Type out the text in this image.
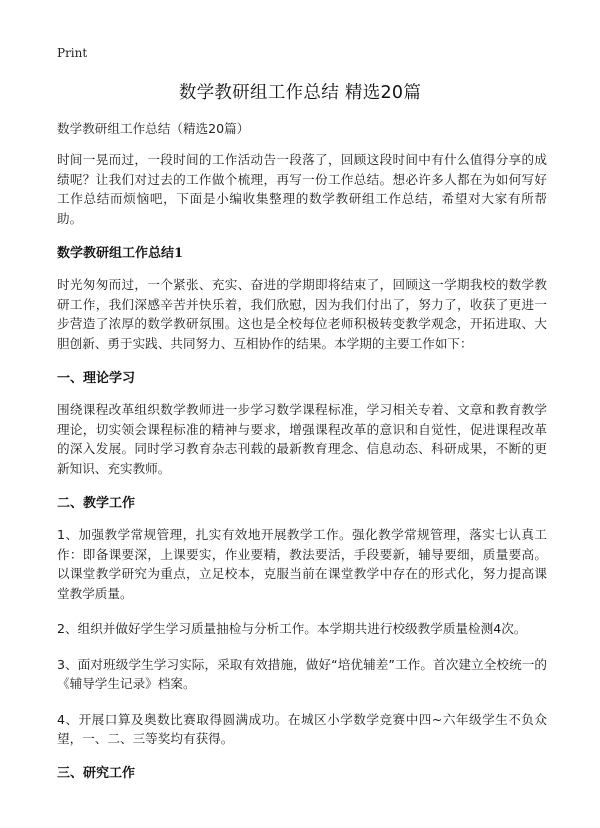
Print
数学教研组工作总结 精选20篇
数学教研组工作总结（精选20篇）

时间一晃而过，一段时间的工作活动告一段落了，回顾这段时间中有什么值得分享的成绩呢？让我们对过去的工作做个梳理，再写一份工作总结。想必许多人都在为如何写好工作总结而烦恼吧，下面是小编收集整理的数学教研组工作总结，希望对大家有所帮助。

数学教研组工作总结1

时光匆匆而过，一个紧张、充实、奋进的学期即将结束了，回顾这一学期我校的数学教研工作，我们深感辛苦并快乐着，我们欣慰，因为我们付出了，努力了，收获了更进一步营造了浓厚的数学教研氛围。这也是全校每位老师积极转变教学观念，开拓进取、大胆创新、勇于实践、共同努力、互相协作的结果。本学期的主要工作如下：

一、理论学习

围绕课程改革组织数学教师进一步学习数学课程标准，学习相关专着、文章和教育教学理论，切实领会课程标准的精神与要求，增强课程改革的意识和自觉性，促进课程改革的深入发展。同时学习教育杂志刊载的最新教育理念、信息动态、科研成果，不断的更新知识、充实教师。

二、教学工作

1、加强教学常规管理，扎实有效地开展教学工作。强化教学常规管理，落实七认真工作：即备课要深，上课要实，作业要精，教法要活，手段要新，辅导要细，质量要高。以课堂教学研究为重点，立足校本，克服当前在课堂教学中存在的形式化，努力提高课堂教学质量。

2、组织并做好学生学习质量抽检与分析工作。本学期共进行校级教学质量检测4次。

3、面对班级学生学习实际，采取有效措施，做好“培优辅差”工作。首次建立全校统一的《辅导学生记录》档案。

4、开展口算及奥数比赛取得圆满成功。在城区小学数学竞赛中四~六年级学生不负众望，一、二、三等奖均有获得。

三、研究工作
